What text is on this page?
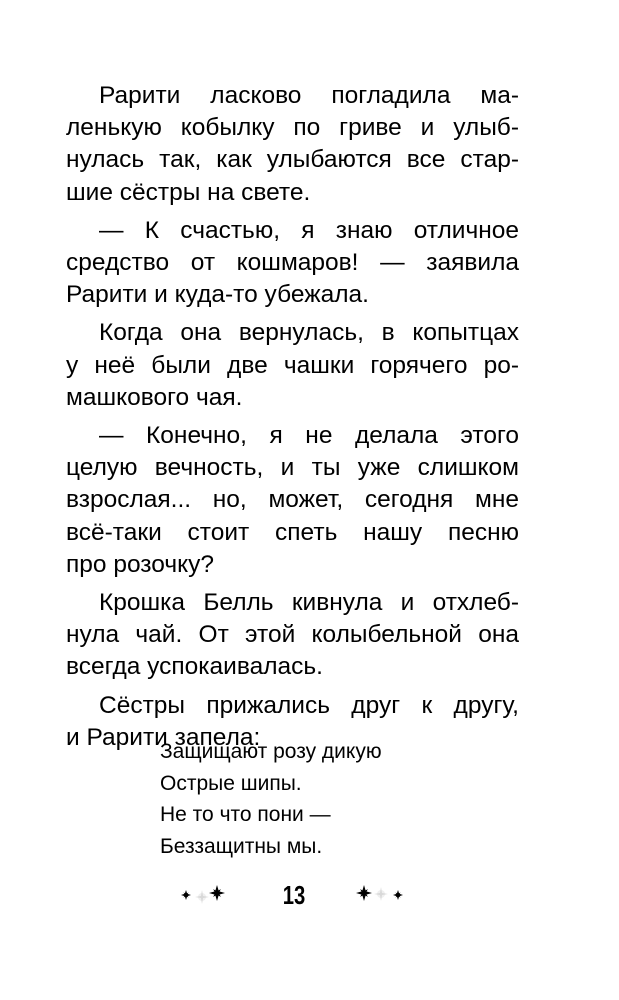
Рарити ласково погладила ма-
ленькую кобылку по гриве и улыб-
нулась так, как улыбаются все стар-
шие сёстры на свете.

— К счастью, я знаю отличное
средство от кошмаров! — заявила
Рарити и куда-то убежала.

Когда она вернулась, в копытцах
у неё были две чашки горячего ро-
машкового чая.

— Конечно, я не делала этого
целую вечность, и ты уже слишком
взрослая... но, может, сегодня мне
всё-таки стоит спеть нашу песню
про розочку?

Крошка Белль кивнула и отхлеб-
нула чай. От этой колыбельной она
всегда успокаивалась.

Сёстры прижались друг к другу,
и Рарити запела:

Защищают розу дикую
Острые шипы.
Не то что пони —
Беззащитны мы.
13
